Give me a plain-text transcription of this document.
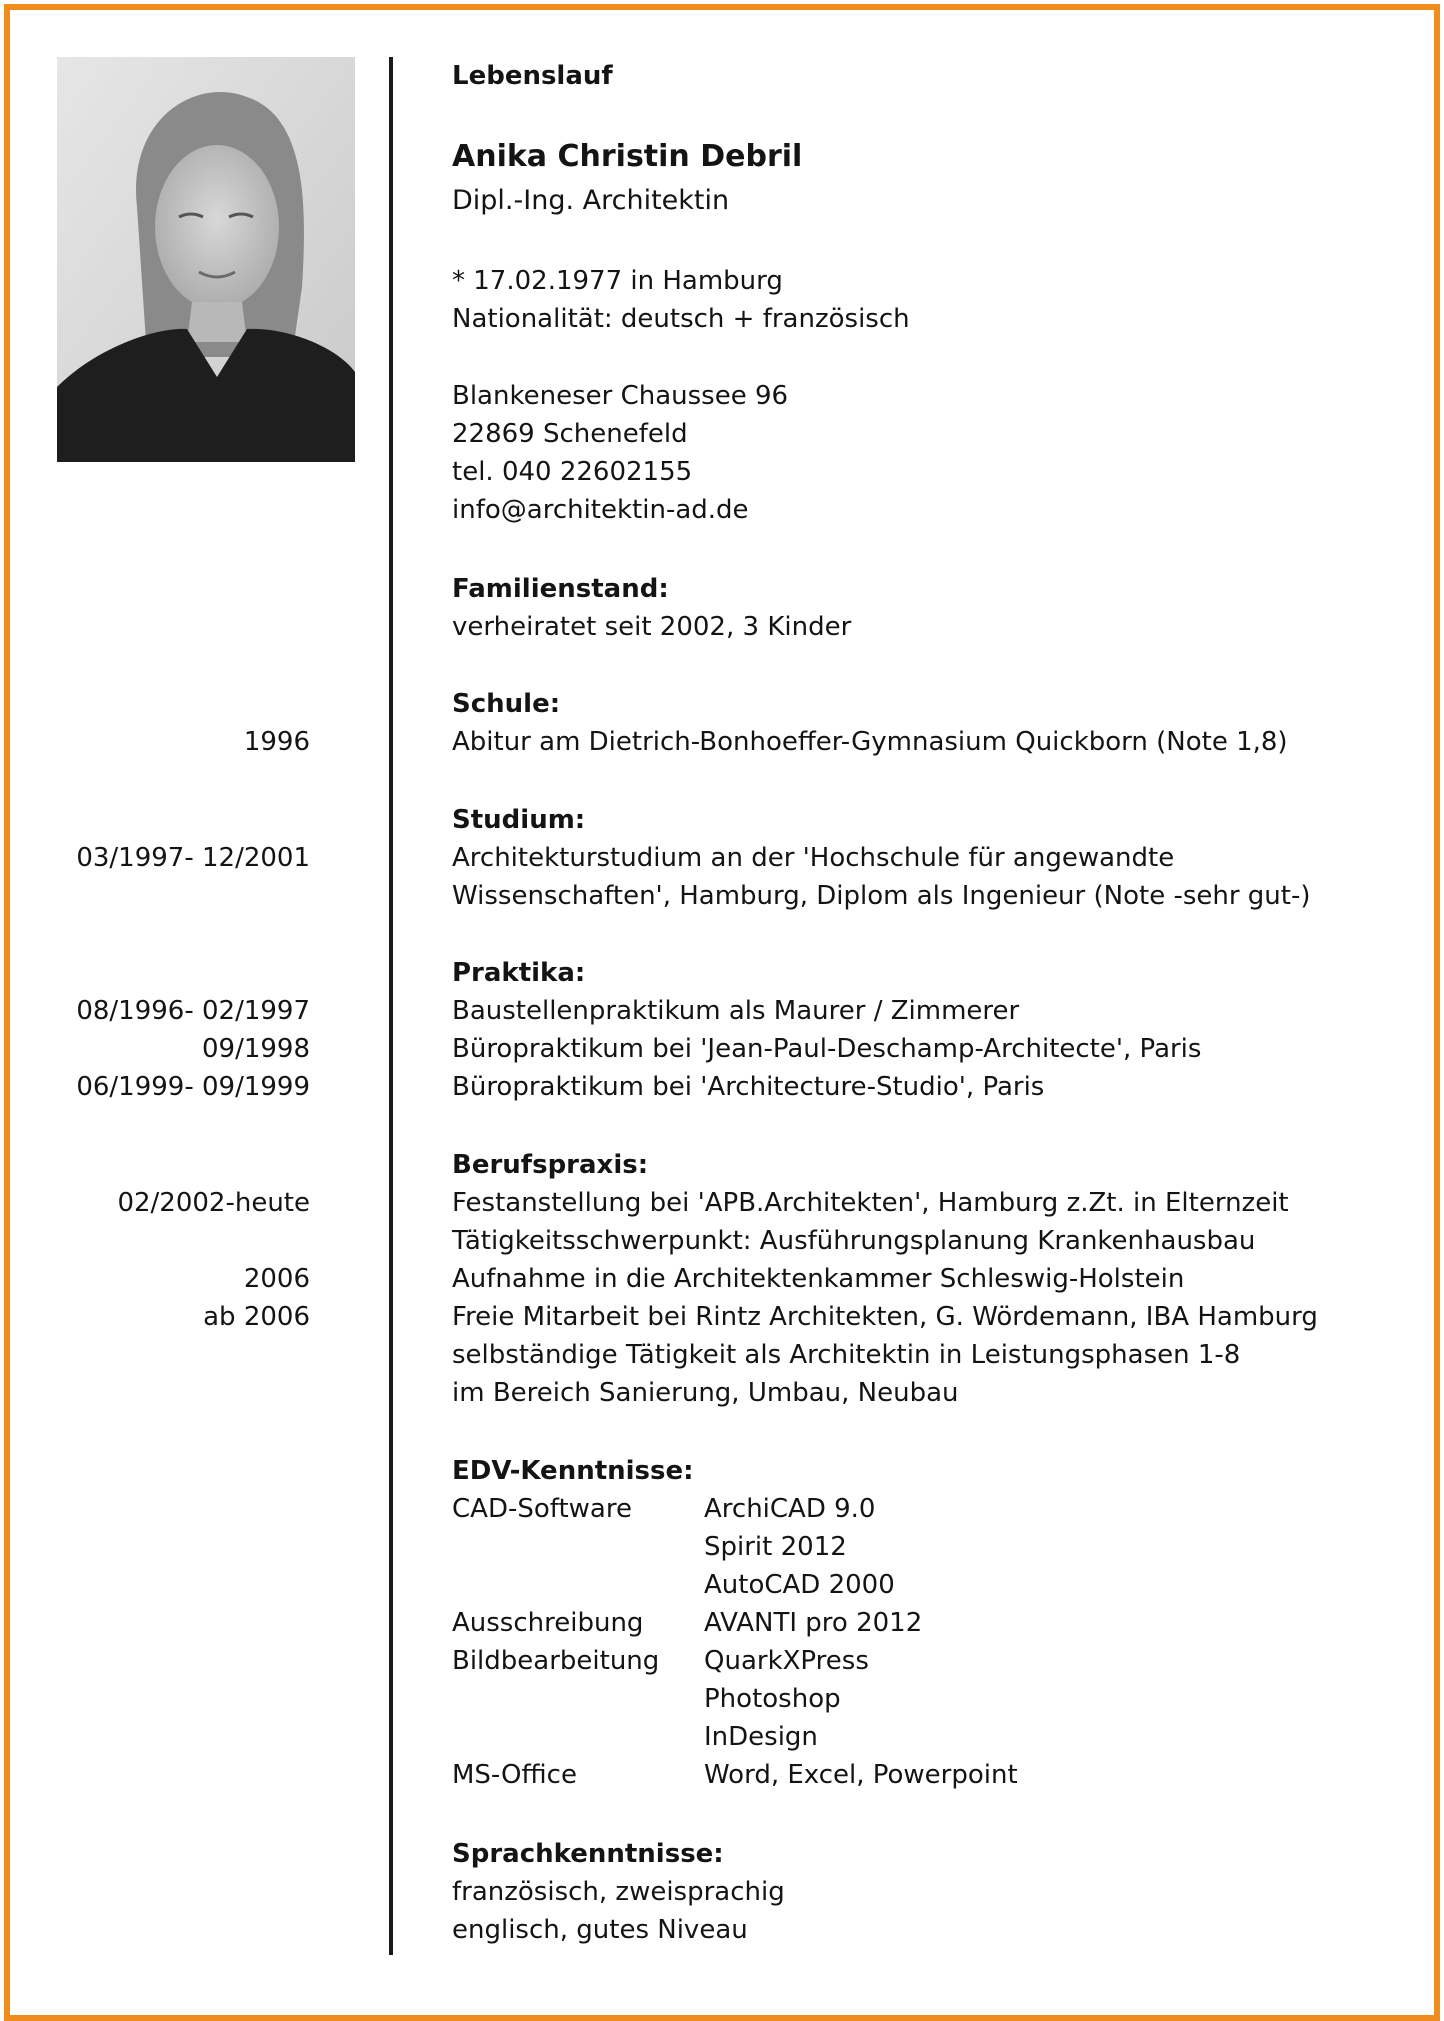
Lebenslauf
Anika Christin Debril
Dipl.-Ing. Architektin
* 17.02.1977 in Hamburg
Nationalität: deutsch + französisch
Blankeneser Chaussee 96
22869 Schenefeld
tel. 040 22602155
info@architektin-ad.de
Familienstand:
verheiratet seit 2002, 3 Kinder
Schule:
1996	Abitur am Dietrich-Bonhoeffer-Gymnasium Quickborn (Note 1,8)
Studium:
03/1997- 12/2001	Architekturstudium an der 'Hochschule für angewandte
Wissenschaften', Hamburg, Diplom als Ingenieur (Note -sehr gut-)
Praktika:
08/1996- 02/1997	Baustellenpraktikum als Maurer / Zimmerer
09/1998	Büropraktikum bei 'Jean-Paul-Deschamp-Architecte', Paris
06/1999- 09/1999	Büropraktikum bei 'Architecture-Studio', Paris
Berufspraxis:
02/2002-heute	Festanstellung bei 'APB.Architekten', Hamburg z.Zt. in Elternzeit
Tätigkeitsschwerpunkt: Ausführungsplanung Krankenhausbau
2006	Aufnahme in die Architektenkammer Schleswig-Holstein
ab 2006	Freie Mitarbeit bei Rintz Architekten, G. Wördemann, IBA Hamburg
selbständige Tätigkeit als Architektin in Leistungsphasen 1-8
im Bereich Sanierung, Umbau, Neubau
EDV-Kenntnisse:
CAD-Software	ArchiCAD 9.0
Spirit 2012
AutoCAD 2000
Ausschreibung AVANTI pro 2012
Bildbearbeitung QuarkXPress
Photoshop
InDesign
MS-Office	Word, Excel, Powerpoint
Sprachkenntnisse:
französisch, zweisprachig
englisch, gutes Niveau
